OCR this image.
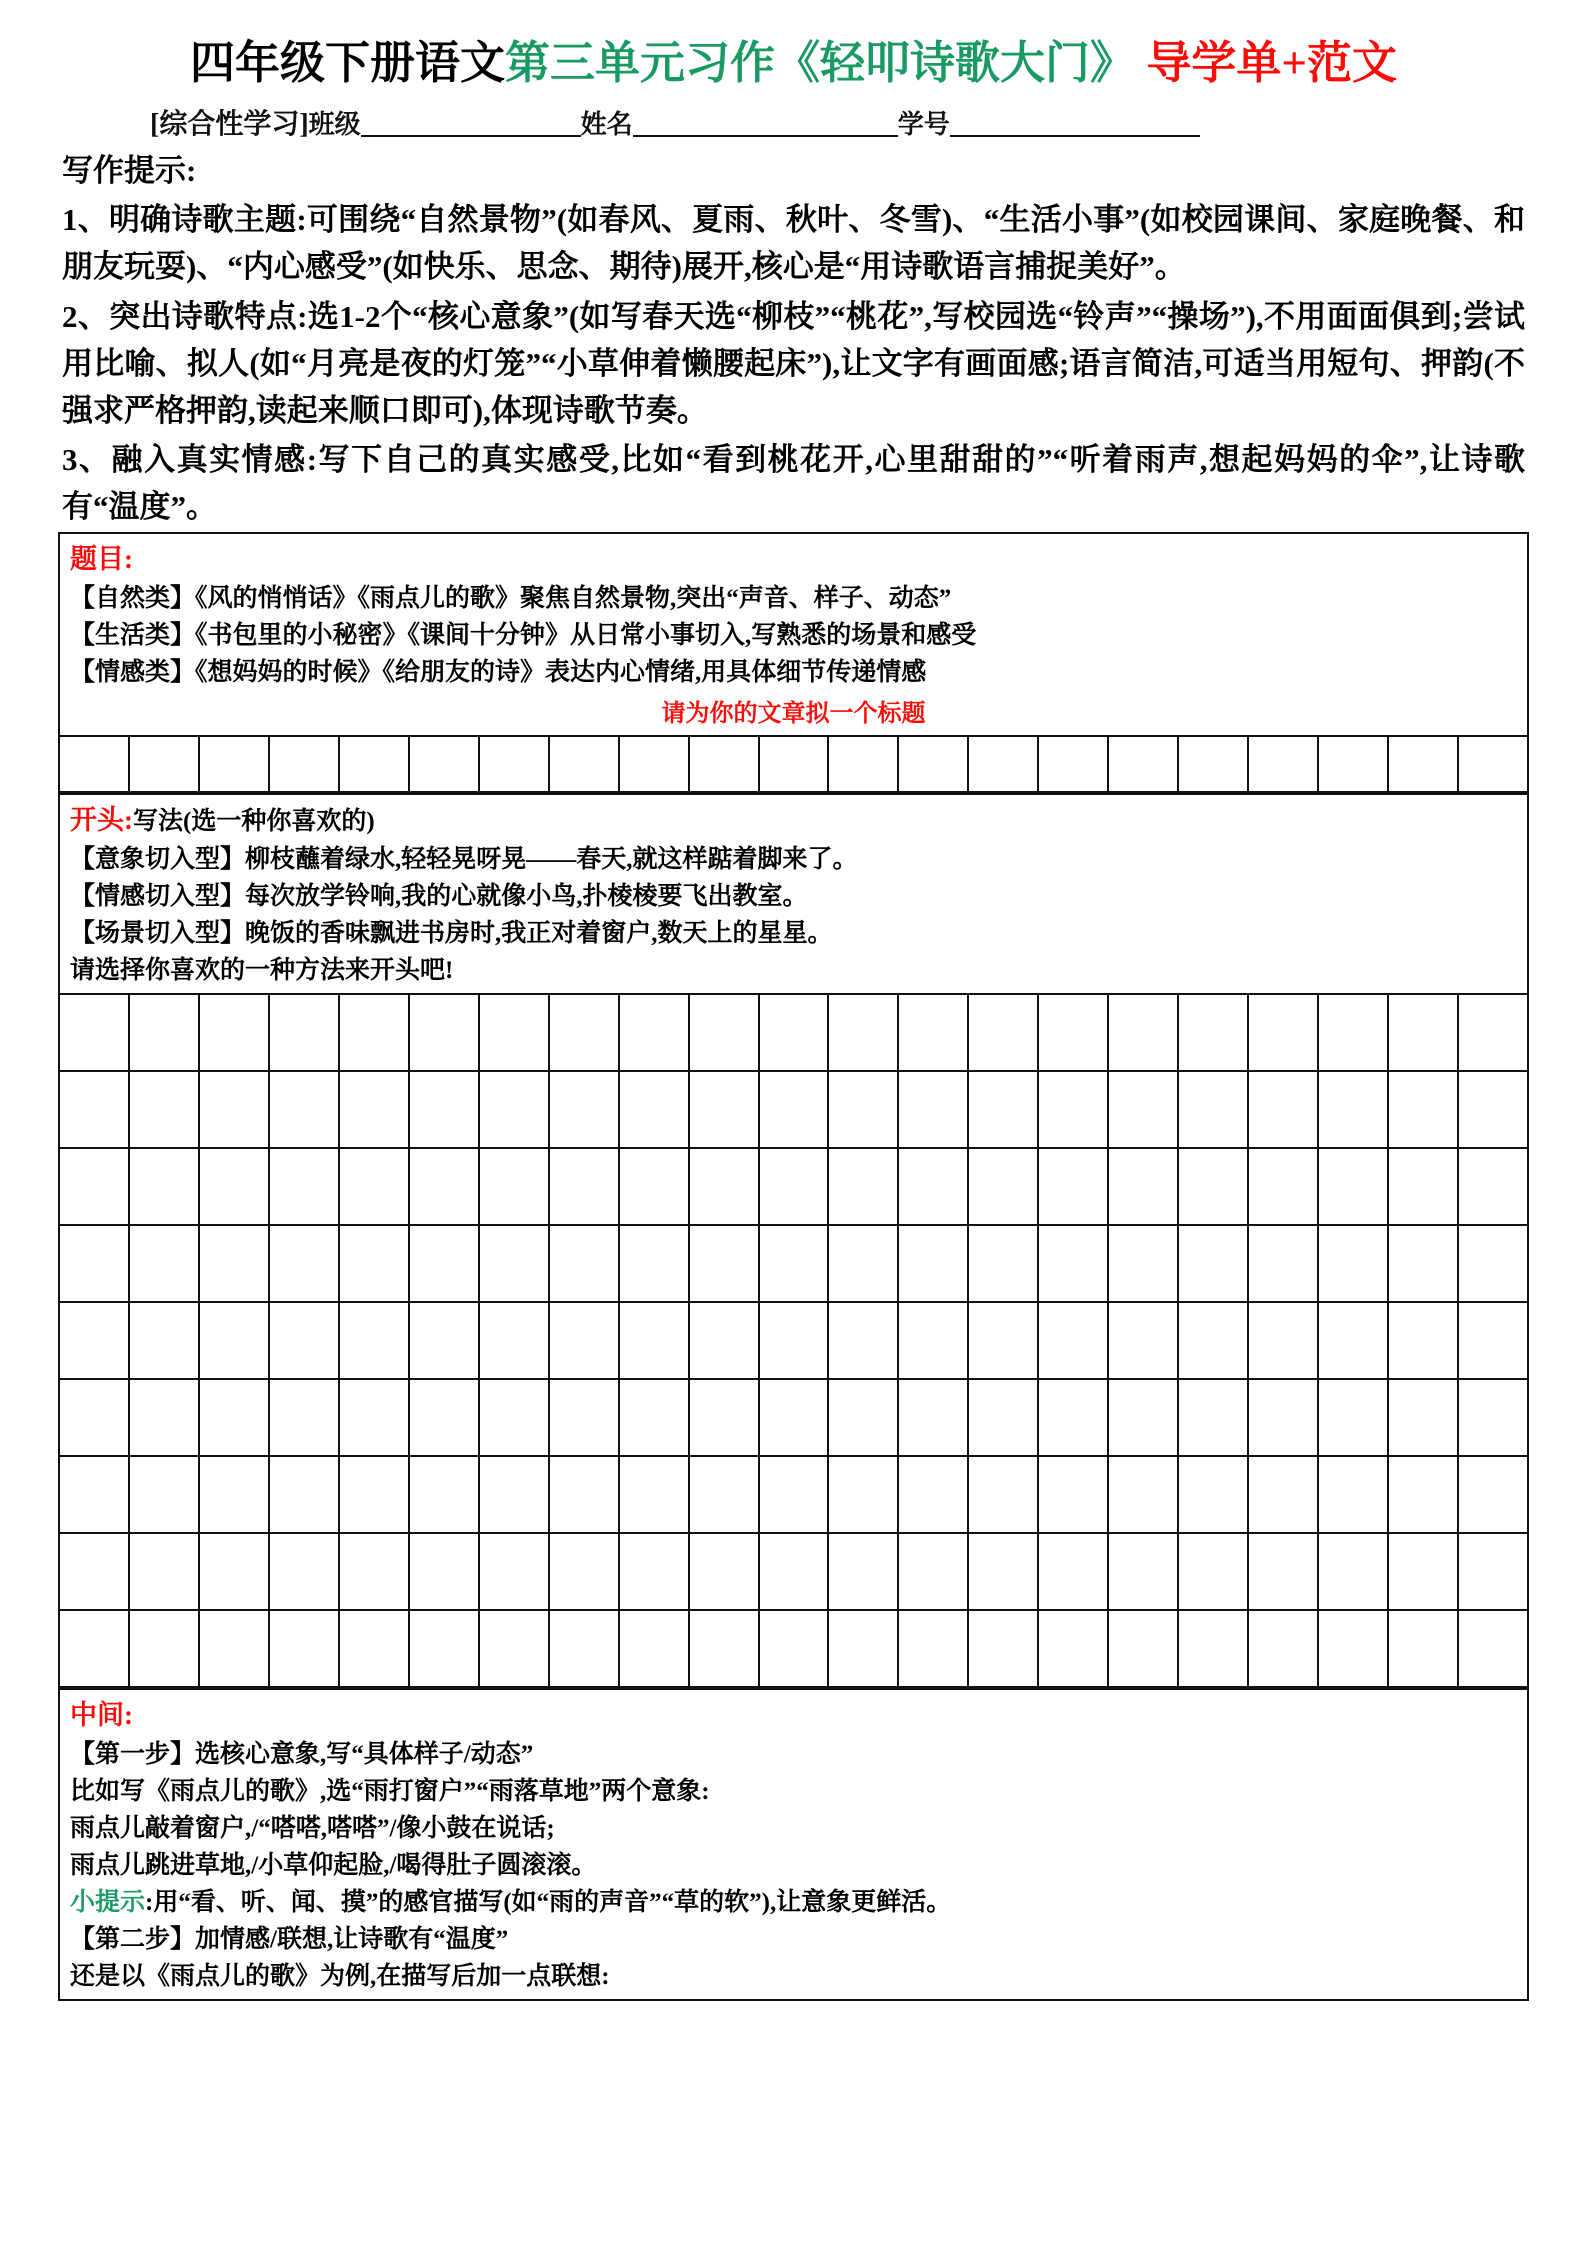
四年级下册语文第三单元习作《轻叩诗歌大门》 导学单+范文
[综合性学习]班级	姓名	学号
写作提示:
1、明确诗歌主题:可围绕“自然景物”(如春风、夏雨、秋叶、冬雪)、“生活小事”(如校园课间、家庭晚餐、和朋友玩耍)、“内心感受”(如快乐、思念、期待)展开,核心是“用诗歌语言捕捉美好”。
2、突出诗歌特点:选1-2个“核心意象”(如写春天选“柳枝”“桃花”,写校园选“铃声”“操场”),不用面面俱到;尝试用比喻、拟人(如“月亮是夜的灯笼”“小草伸着懒腰起床”),让文字有画面感;语言简洁,可适当用短句、押韵(不强求严格押韵,读起来顺口即可),体现诗歌节奏。
3、融入真实情感:写下自己的真实感受,比如“看到桃花开,心里甜甜的”“听着雨声,想起妈妈的伞”,让诗歌有“温度”。
题目:
【自然类】《风的悄悄话》《雨点儿的歌》聚焦自然景物,突出“声音、样子、动态”
【生活类】《书包里的小秘密》《课间十分钟》从日常小事切入,写熟悉的场景和感受
【情感类】《想妈妈的时候》《给朋友的诗》表达内心情绪,用具体细节传递情感
请为你的文章拟一个标题
开头:写法(选一种你喜欢的)
【意象切入型】柳枝蘸着绿水,轻轻晃呀晃——春天,就这样踮着脚来了。
【情感切入型】每次放学铃响,我的心就像小鸟,扑棱棱要飞出教室。
【场景切入型】晚饭的香味飘进书房时,我正对着窗户,数天上的星星。
请选择你喜欢的一种方法来开头吧!
中间:
【第一步】选核心意象,写“具体样子/动态”
比如写《雨点儿的歌》,选“雨打窗户”“雨落草地”两个意象:
雨点儿敲着窗户,/“嗒嗒,嗒嗒”/像小鼓在说话;
雨点儿跳进草地,/小草仰起脸,/喝得肚子圆滚滚。
小提示:用“看、听、闻、摸”的感官描写(如“雨的声音”“草的软”),让意象更鲜活。
【第二步】加情感/联想,让诗歌有“温度”
还是以《雨点儿的歌》为例,在描写后加一点联想:
